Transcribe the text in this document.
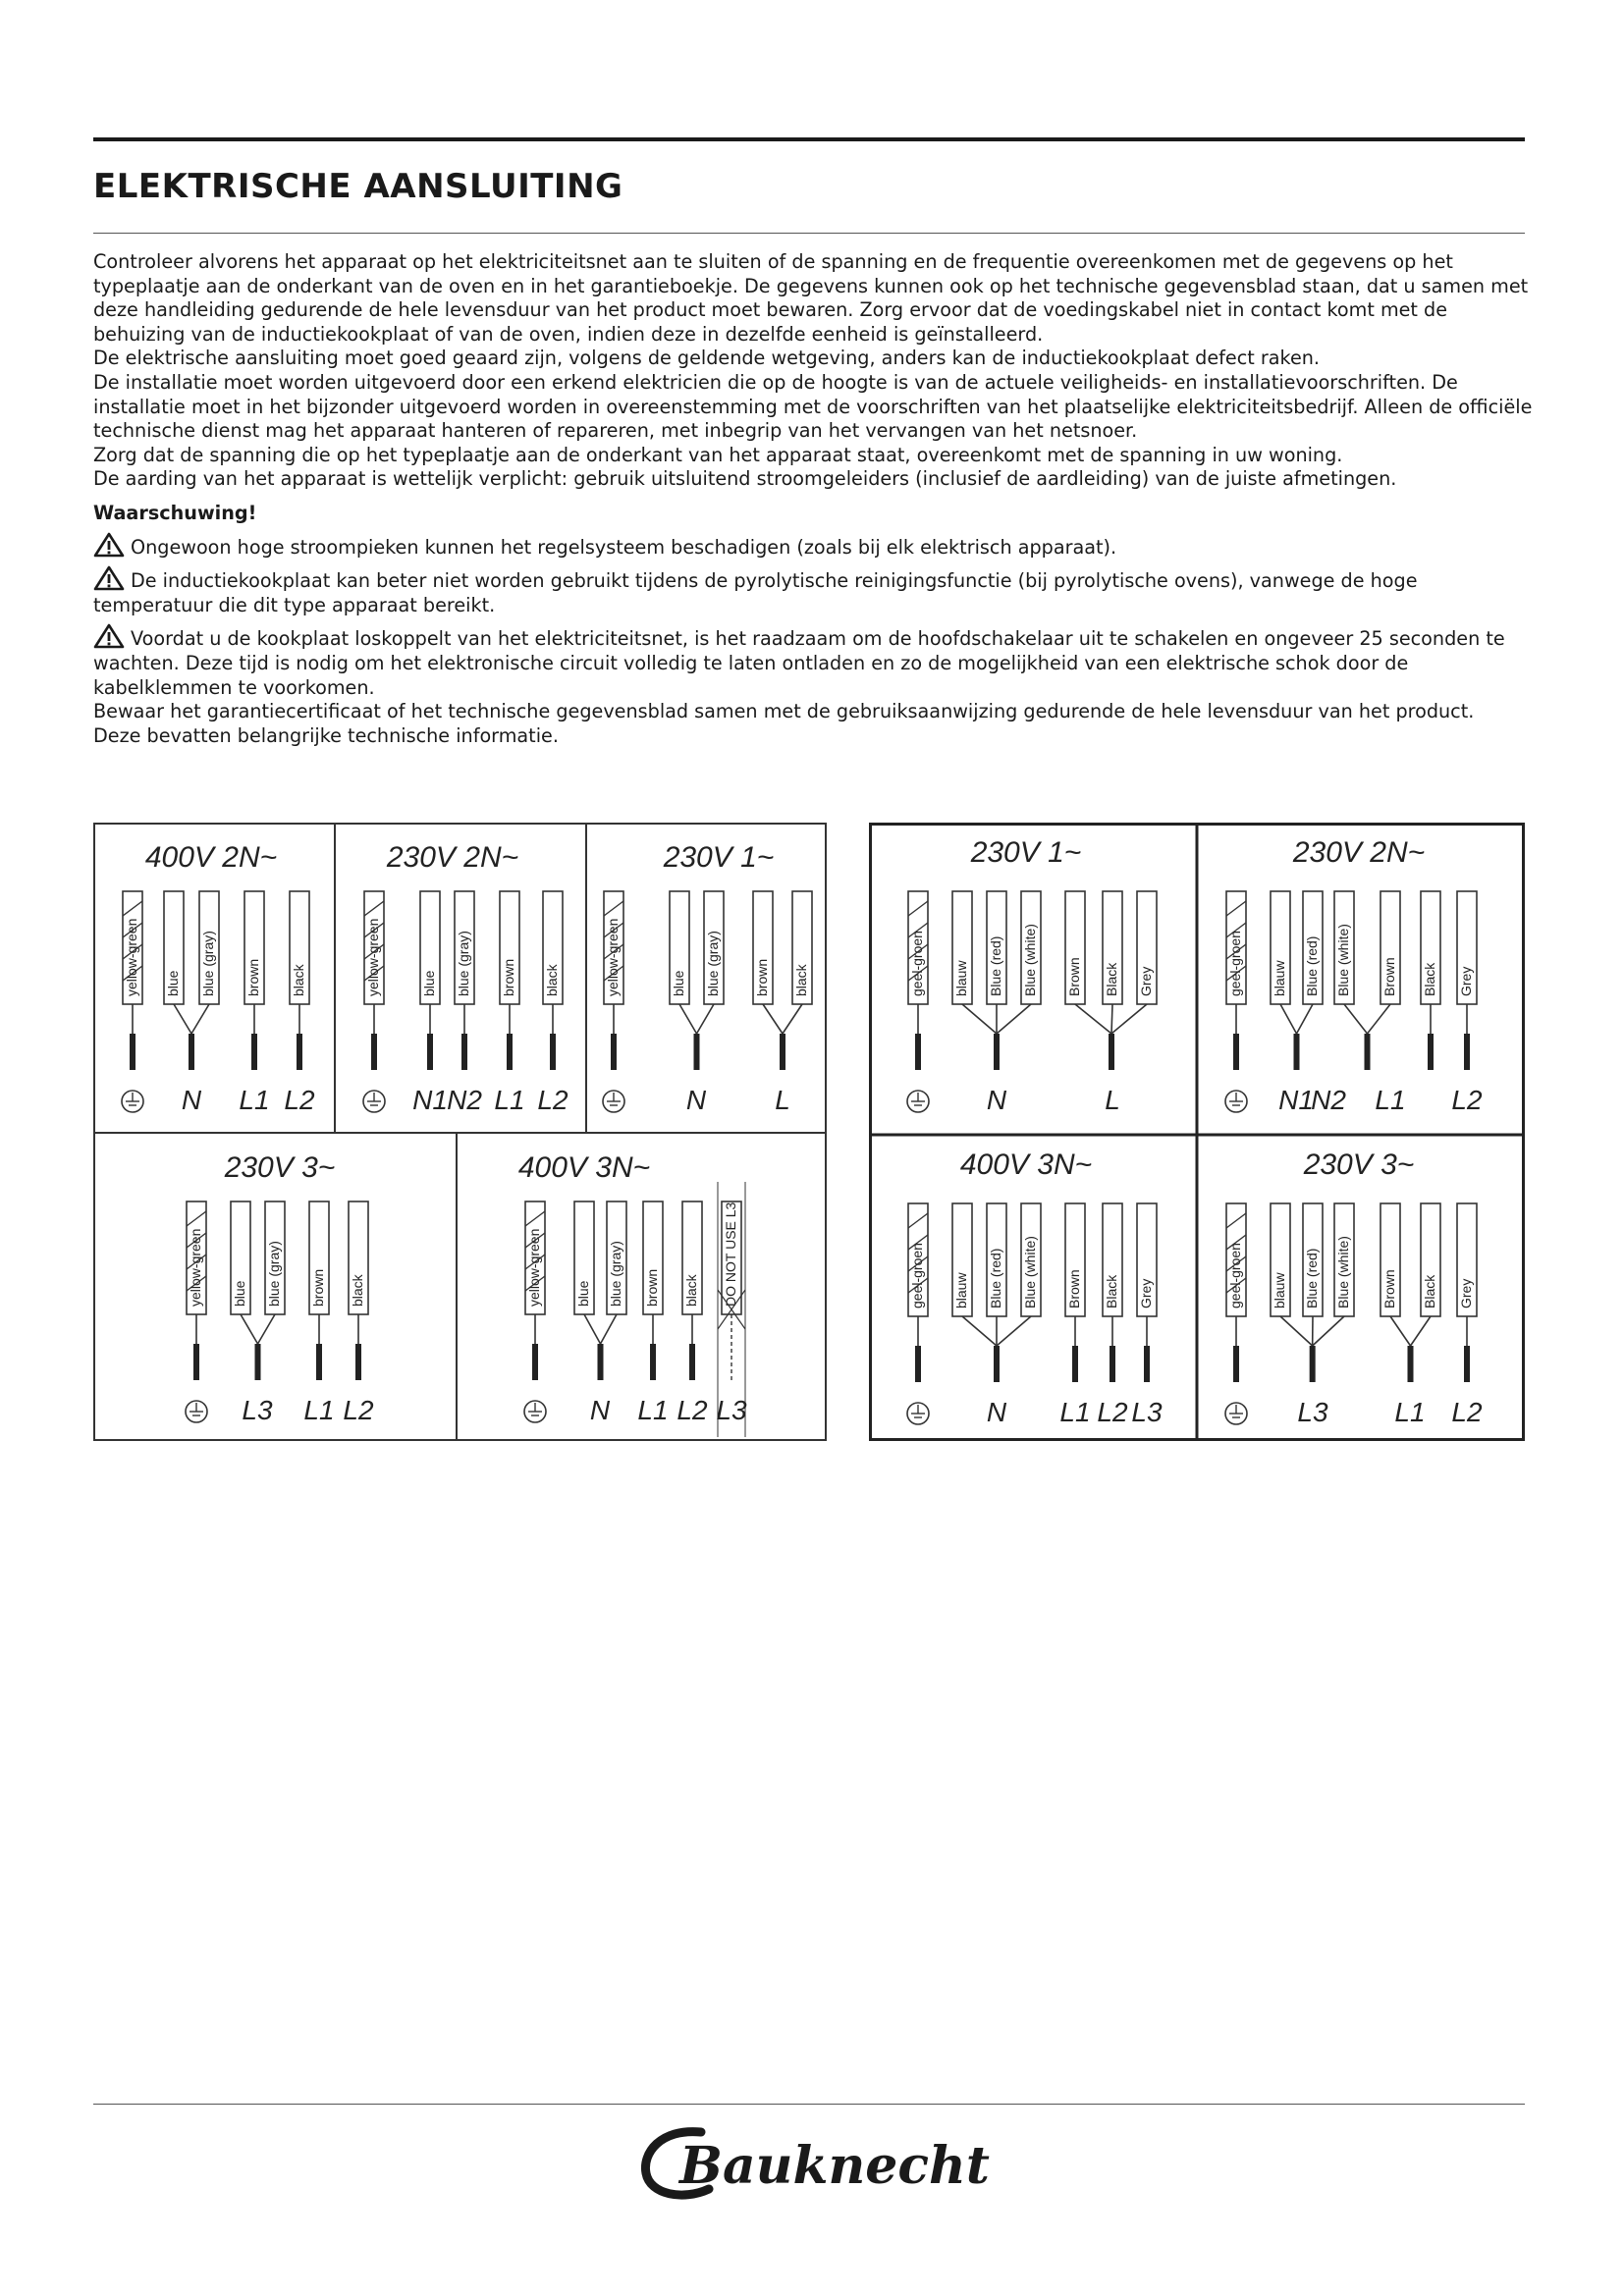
ELEKTRISCHE AANSLUITING

Controleer alvorens het apparaat op het elektriciteitsnet aan te sluiten of de spanning en de frequentie overeenkomen met de gegevens op het typeplaatje aan de onderkant van de oven en in het garantieboekje. De gegevens kunnen ook op het technische gegevensblad staan, dat u samen met deze handleiding gedurende de hele levensduur van het product moet bewaren. Zorg ervoor dat de voedingskabel niet in contact komt met de behuizing van de inductiekookplaat of van de oven, indien deze in dezelfde eenheid is geïnstalleerd.

De elektrische aansluiting moet goed geaard zijn, volgens de geldende wetgeving, anders kan de inductiekookplaat defect raken.

De installatie moet worden uitgevoerd door een erkend elektricien die op de hoogte is van de actuele veiligheids- en installatievoorschriften. De installatie moet in het bijzonder uitgevoerd worden in overeenstemming met de voorschriften van het plaatselijke elektriciteitsbedrijf. Alleen de officiële technische dienst mag het apparaat hanteren of repareren, met inbegrip van het vervangen van het netsnoer.

Zorg dat de spanning die op het typeplaatje aan de onderkant van het apparaat staat, overeenkomt met de spanning in uw woning.

De aarding van het apparaat is wettelijk verplicht: gebruik uitsluitend stroomgeleiders (inclusief de aardleiding) van de juiste afmetingen.

Waarschuwing!

Ongewoon hoge stroompieken kunnen het regelsysteem beschadigen (zoals bij elk elektrisch apparaat).

De inductiekookplaat kan beter niet worden gebruikt tijdens de pyrolytische reinigingsfunctie (bij pyrolytische ovens), vanwege de hoge temperatuur die dit type apparaat bereikt.

Voordat u de kookplaat loskoppelt van het elektriciteitsnet, is het raadzaam om de hoofdschakelaar uit te schakelen en ongeveer 25 seconden te wachten. Deze tijd is nodig om het elektronische circuit volledig te laten ontladen en zo de mogelijkheid van een elektrische schok door de kabelklemmen te voorkomen.

Bewaar het garantiecertificaat of het technische gegevensblad samen met de gebruiksaanwijzing gedurende de hele levensduur van het product.

Deze bevatten belangrijke technische informatie.

400V 2N~
yellow-green blue blue (gray) brown black
N L1 L2
230V 2N~
yellow-green	blue blue (gray) brown black
N1 N2 L1 L2
230V 1~
yellow-green	blue blue (gray) brown black
N	L
230V 3~
yellow-green blue blue (gray) brown black
L3 L1 L2
400V 3N~
yellow-green blue blue (gray) brown black DO NOT USE L3
N L1 L2 L3
230V 1~
geel-groen blauw Blue (red) Blue (white) Brown Black Grey
N	L
230V 2N~
geel-groen blauw Blue (red) Blue (white) Brown Black Grey
N1
N2 L1 L2
400V 3N~
geel-groen blauw Blue (red) Blue (white) Brown Black Grey
N L1 L2 L3
230V 3~
geel-groen blauw Blue (red) Blue (white) Brown Black Grey
L3 L1 L2
Bauknecht
